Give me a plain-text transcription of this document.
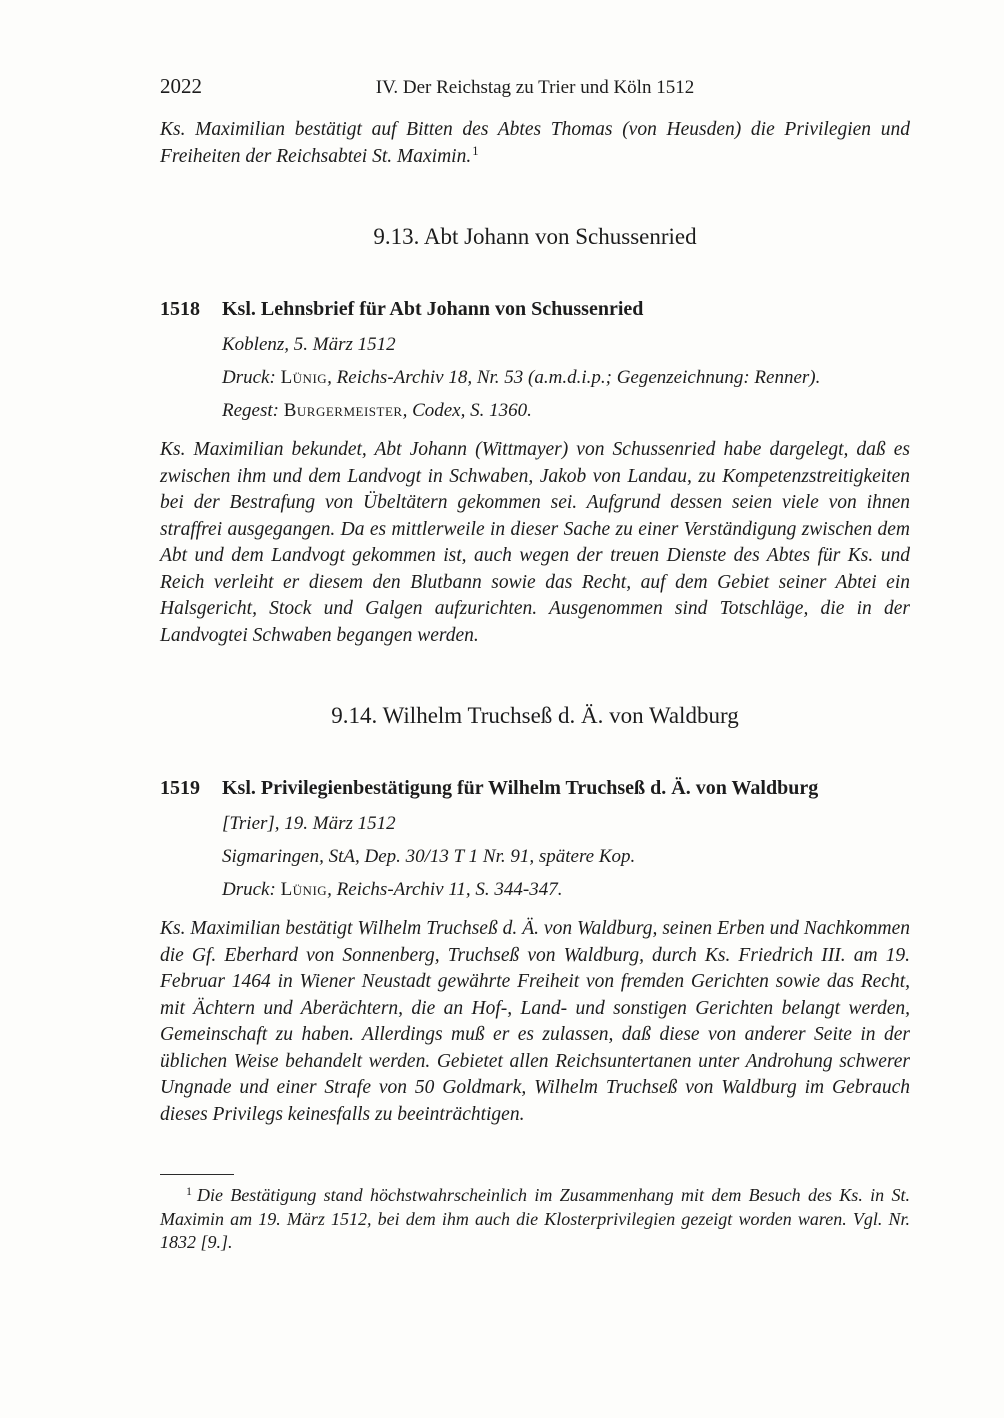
2022	IV. Der Reichstag zu Trier und Köln 1512

Ks. Maximilian bestätigt auf Bitten des Abtes Thomas (von Heusden) die Privilegien und Freiheiten der Reichsabtei St. Maximin.$^1$

9.13. Abt Johann von Schussenried
1518	Ksl. Lehnsbrief für Abt Johann von Schussenried

Koblenz, 5. März 1512

Druck: Lünig, Reichs-Archiv 18, Nr. 53 (a.m.d.i.p.; Gegenzeichnung: Renner).

Regest: Burgermeister, Codex, S. 1360.

Ks. Maximilian bekundet, Abt Johann (Wittmayer) von Schussenried habe dargelegt, daß es zwischen ihm und dem Landvogt in Schwaben, Jakob von Landau, zu Kompetenzstreitigkeiten bei der Bestrafung von Übeltätern gekommen sei. Aufgrund dessen seien viele von ihnen straffrei ausgegangen. Da es mittlerweile in dieser Sache zu einer Verständigung zwischen dem Abt und dem Landvogt gekommen ist, auch wegen der treuen Dienste des Abtes für Ks. und Reich verleiht er diesem den Blutbann sowie das Recht, auf dem Gebiet seiner Abtei ein Halsgericht, Stock und Galgen aufzurichten. Ausgenommen sind Totschläge, die in der Landvogtei Schwaben begangen werden.

9.14. Wilhelm Truchseß d. Ä. von Waldburg
1519	Ksl. Privilegienbestätigung für Wilhelm Truchseß d. Ä. von Waldburg

[Trier], 19. März 1512

Sigmaringen, StA, Dep. 30/13 T 1 Nr. 91, spätere Kop.

Druck: Lünig, Reichs-Archiv 11, S. 344-347.

Ks. Maximilian bestätigt Wilhelm Truchseß d. Ä. von Waldburg, seinen Erben und Nachkommen die Gf. Eberhard von Sonnenberg, Truchseß von Waldburg, durch Ks. Friedrich III. am 19. Februar 1464 in Wiener Neustadt gewährte Freiheit von fremden Gerichten sowie das Recht, mit Ächtern und Aberächtern, die an Hof-, Land- und sonstigen Gerichten belangt werden, Gemeinschaft zu haben. Allerdings muß er es zulassen, daß diese von anderer Seite in der üblichen Weise behandelt werden. Gebietet allen Reichsuntertanen unter Androhung schwerer Ungnade und einer Strafe von 50 Goldmark, Wilhelm Truchseß von Waldburg im Gebrauch dieses Privilegs keinesfalls zu beeinträchtigen.

$^1$ Die Bestätigung stand höchstwahrscheinlich im Zusammenhang mit dem Besuch des Ks. in St. Maximin am 19. März 1512, bei dem ihm auch die Klosterprivilegien gezeigt worden waren. Vgl. Nr. 1832 [9.].
